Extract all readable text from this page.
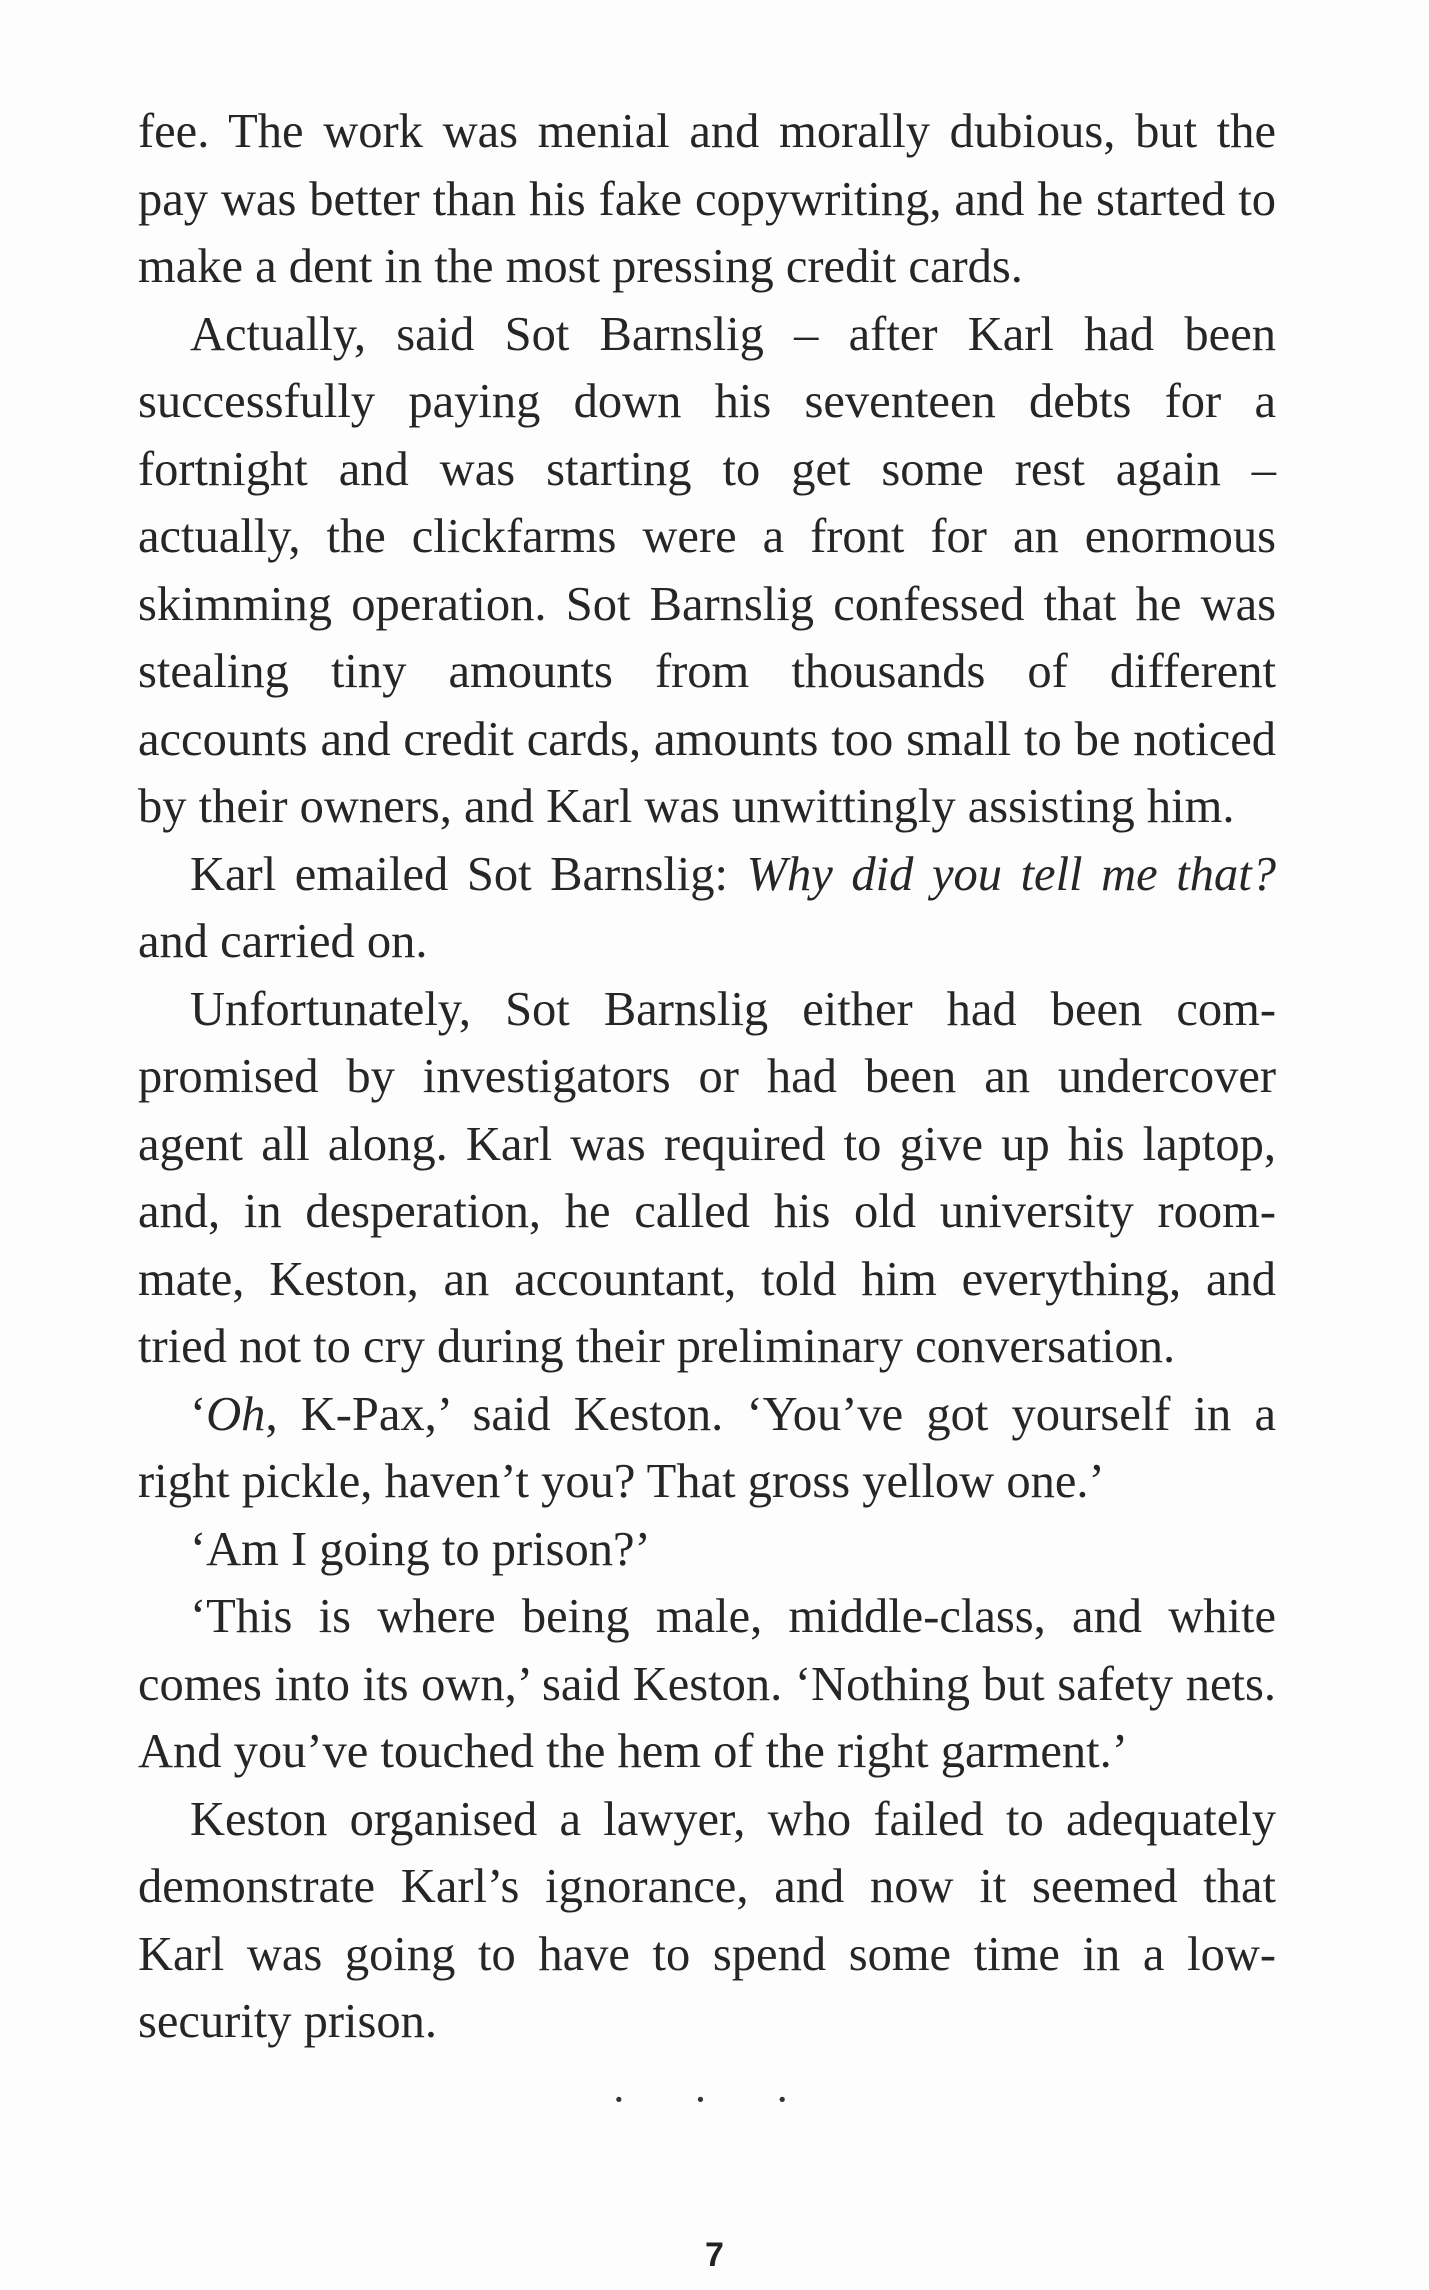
fee. The work was menial and morally dubious, but the pay was better than his fake copywriting, and he started to make a dent in the most pressing credit cards.

Actually, said Sot Barnslig – after Karl had been successfully paying down his seventeen debts for a fortnight and was starting to get some rest again – actually, the clickfarms were a front for an enormous skimming operation. Sot Barnslig confessed that he was stealing tiny amounts from thousands of different accounts and credit cards, amounts too small to be noticed by their owners, and Karl was unwittingly assisting him.

Karl emailed Sot Barnslig: Why did you tell me that? and carried on.

Unfortunately, Sot Barnslig either had been compromised by investigators or had been an undercover agent all along. Karl was required to give up his laptop, and, in desperation, he called his old university room-mate, Keston, an accountant, told him everything, and tried not to cry during their preliminary conversation.

‘Oh, K-Pax,’ said Keston. ‘You’ve got yourself in a right pickle, haven’t you? That gross yellow one.’

‘Am I going to prison?’

‘This is where being male, middle-class, and white comes into its own,’ said Keston. ‘Nothing but safety nets. And you’ve touched the hem of the right garment.’

Keston organised a lawyer, who failed to adequately demonstrate Karl’s ignorance, and now it seemed that Karl was going to have to spend some time in a low-security prison.

· · ·
7
